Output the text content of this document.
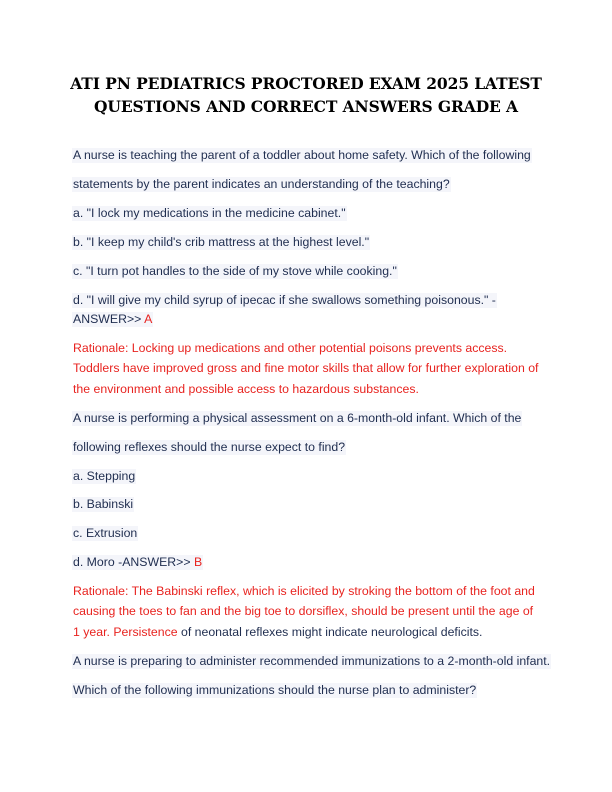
ATI PN PEDIATRICS PROCTORED EXAM 2025 LATEST
QUESTIONS AND CORRECT ANSWERS GRADE A
A nurse is teaching the parent of a toddler about home safety. Which of the following
statements by the parent indicates an understanding of the teaching?
a. "I lock my medications in the medicine cabinet."
b. "I keep my child's crib mattress at the highest level."
c. "I turn pot handles to the side of my stove while cooking."
d. "I will give my child syrup of ipecac if she swallows something poisonous." -
ANSWER>> A
Rationale: Locking up medications and other potential poisons prevents access.
Toddlers have improved gross and fine motor skills that allow for further exploration of
the environment and possible access to hazardous substances.
A nurse is performing a physical assessment on a 6-month-old infant. Which of the
following reflexes should the nurse expect to find?
a. Stepping
b. Babinski
c. Extrusion
d. Moro -ANSWER>> B
Rationale: The Babinski reflex, which is elicited by stroking the bottom of the foot and
causing the toes to fan and the big toe to dorsiflex, should be present until the age of
1 year. Persistence of neonatal reflexes might indicate neurological deficits.
A nurse is preparing to administer recommended immunizations to a 2-month-old infant.
Which of the following immunizations should the nurse plan to administer?
